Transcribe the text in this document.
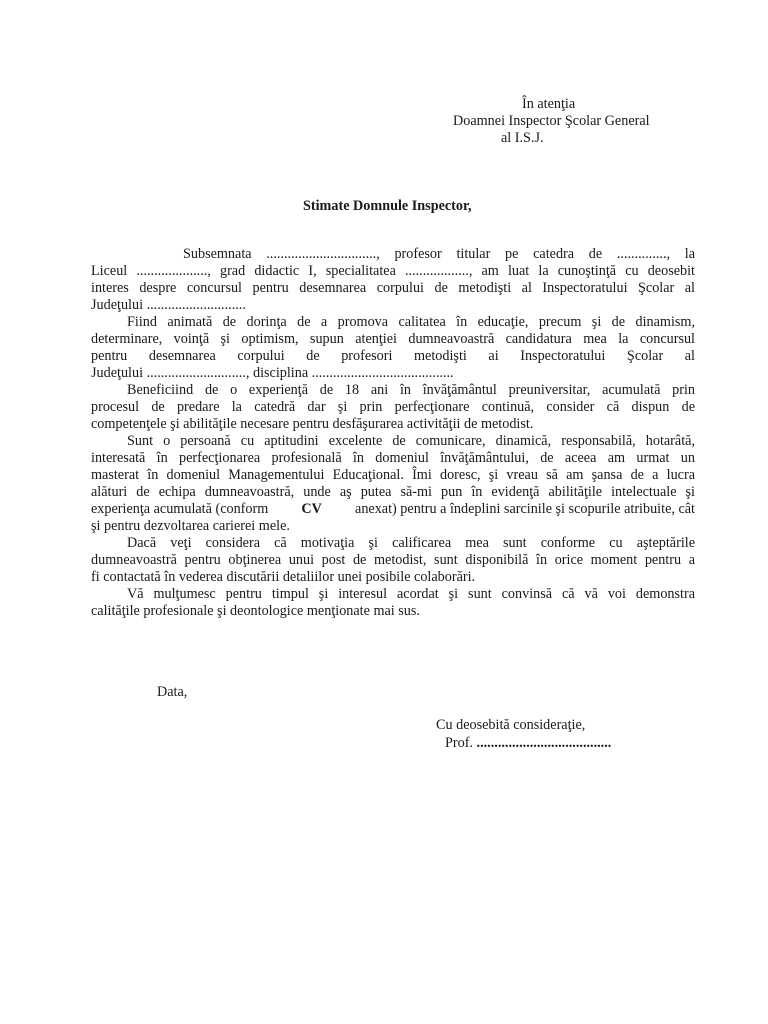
În atenţia

Doamnei Inspector Şcolar General

al I.S.J.

Stimate Domnule Inspector,

Subsemnata ..............................., profesor titular pe catedra de .............., la

Liceul ...................., grad didactic I, specialitatea .................., am luat la cunoştinţă cu deosebit

interes despre concursul pentru desemnarea corpului de metodişti al Inspectoratului Şcolar al

Judeţului ............................

Fiind animată de dorinţa de a promova calitatea în educaţie, precum şi de dinamism,

determinare, voinţă şi optimism, supun atenţiei dumneavoastră candidatura mea la concursul

pentru desemnarea corpului de profesori metodişti ai Inspectoratului Şcolar al

Judeţului ............................, disciplina ........................................

Beneficiind de o experienţă de 18 ani în învăţământul preuniversitar, acumulată prin

procesul de predare la catedră dar şi prin perfecţionare continuă, consider că dispun de

competenţele şi abilităţile necesare pentru desfăşurarea activităţii de metodist.

Sunt o persoană cu aptitudini excelente de comunicare, dinamică, responsabilă, hotarâtă,

interesată în perfecţionarea profesională în domeniul învăţământului, de aceea am urmat un

masterat în domeniul Managementului Educaţional. Îmi doresc, şi vreau să am şansa de a lucra

alături de echipa dumneavoastră, unde aş putea să-mi pun în evidenţă abilităţile intelectuale şi

experienţa acumulată (conform CV anexat) pentru a îndeplini sarcinile şi scopurile atribuite, cât

şi pentru dezvoltarea carierei mele.

Dacă veţi considera că motivaţia şi calificarea mea sunt conforme cu aşteptările

dumneavoastră pentru obţinerea unui post de metodist, sunt disponibilă în orice moment pentru a

fi contactată în vederea discutării detaliilor unei posibile colaborări.

Vă mulţumesc pentru timpul şi interesul acordat şi sunt convinsă că vă voi demonstra

calităţile profesionale şi deontologice menţionate mai sus.

Data,

Cu deosebită consideraţie,

Prof. ......................................
